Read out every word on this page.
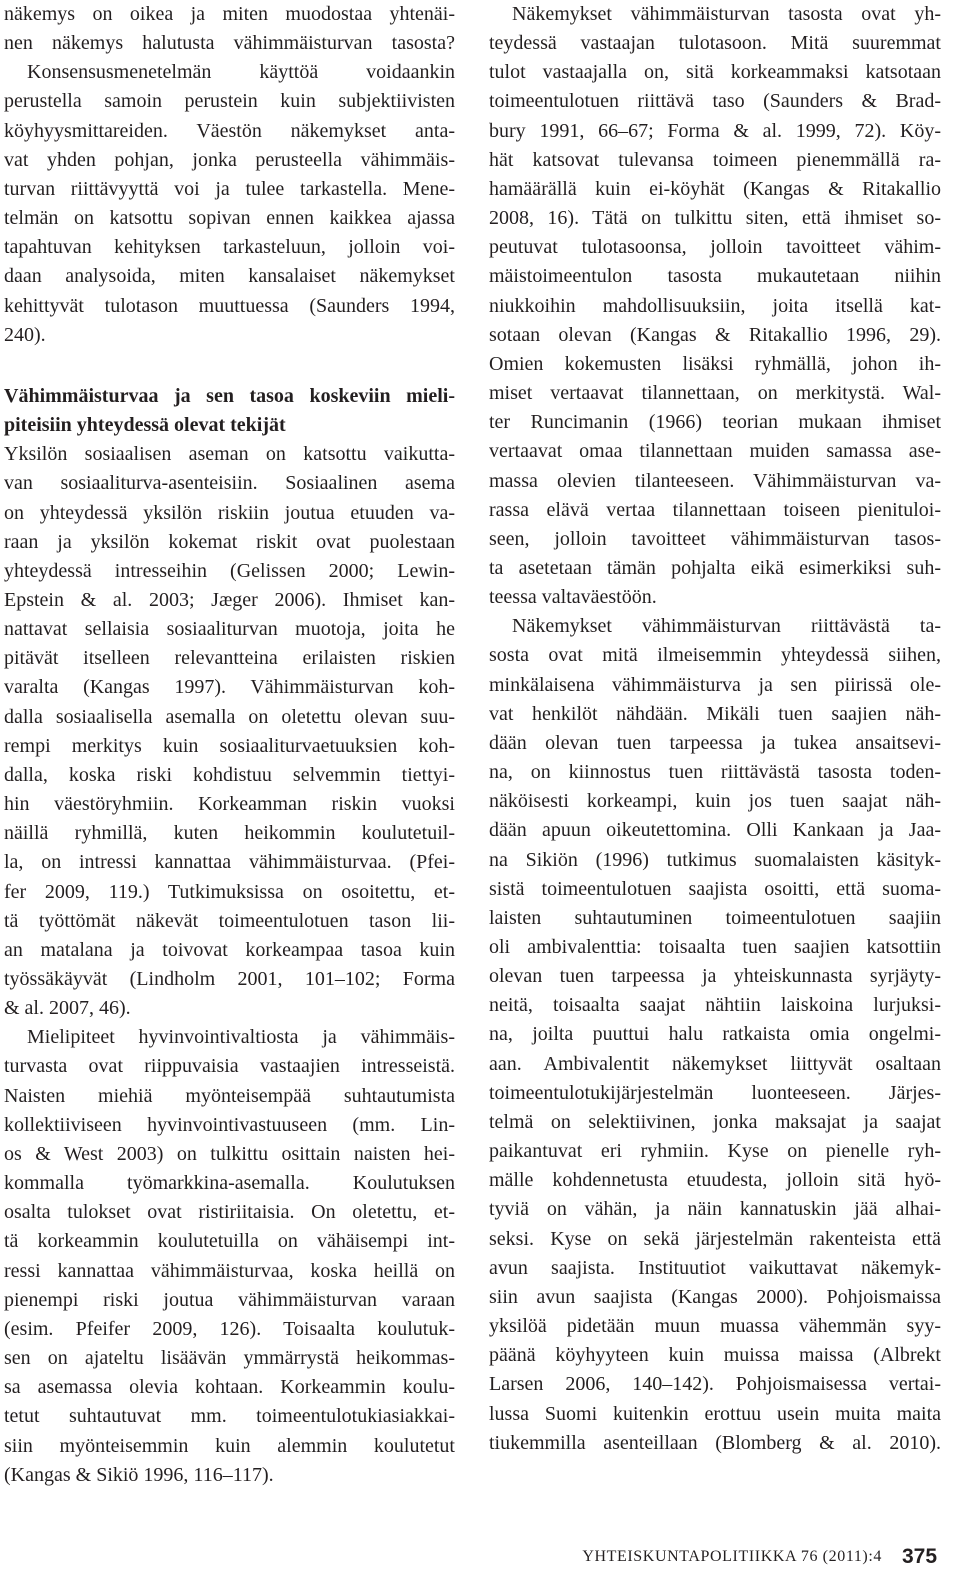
näkemys on oikea ja miten muodostaa yhtenäi-
nen näkemys halutusta vähimmäisturvan tasosta?
Konsensusmenetelmän käyttöä voidaankin
perustella samoin perustein kuin subjektiivisten
köyhyysmittareiden. Väestön näkemykset anta-
vat yhden pohjan, jonka perusteella vähimmäis-
turvan riittävyyttä voi ja tulee tarkastella. Mene-
telmän on katsottu sopivan ennen kaikkea ajassa
tapahtuvan kehityksen tarkasteluun, jolloin voi-
daan analysoida, miten kansalaiset näkemykset
kehittyvät tulotason muuttuessa (Saunders 1994,
240).
Vähimmäisturvaa ja sen tasoa koskeviin mieli-
piteisiin yhteydessä olevat tekijät
Yksilön sosiaalisen aseman on katsottu vaikutta-
van sosiaaliturva-asenteisiin. Sosiaalinen asema
on yhteydessä yksilön riskiin joutua etuuden va-
raan ja yksilön kokemat riskit ovat puolestaan
yhteydessä intresseihin (Gelissen 2000; Lewin-
Epstein & al. 2003; Jæger 2006). Ihmiset kan-
nattavat sellaisia sosiaaliturvan muotoja, joita he
pitävät itselleen relevantteina erilaisten riskien
varalta (Kangas 1997). Vähimmäisturvan koh-
dalla sosiaalisella asemalla on oletettu olevan suu-
rempi merkitys kuin sosiaaliturvaetuuksien koh-
dalla, koska riski kohdistuu selvemmin tiettyi-
hin väestöryhmiin. Korkeamman riskin vuoksi
näillä ryhmillä, kuten heikommin koulutetuil-
la, on intressi kannattaa vähimmäisturvaa. (Pfei-
fer 2009, 119.) Tutkimuksissa on osoitettu, et-
tä työttömät näkevät toimeentulotuen tason lii-
an matalana ja toivovat korkeampaa tasoa kuin
työssäkäyvät (Lindholm 2001, 101–102; Forma
& al. 2007, 46).
Mielipiteet hyvinvointivaltiosta ja vähimmäis-
turvasta ovat riippuvaisia vastaajien intresseistä.
Naisten miehiä myönteisempää suhtautumista
kollektiiviseen hyvinvointivastuuseen (mm. Lin-
os & West 2003) on tulkittu osittain naisten hei-
kommalla työmarkkina-asemalla. Koulutuksen
osalta tulokset ovat ristiriitaisia. On oletettu, et-
tä korkeammin koulutetuilla on vähäisempi int-
ressi kannattaa vähimmäisturvaa, koska heillä on
pienempi riski joutua vähimmäisturvan varaan
(esim. Pfeifer 2009, 126). Toisaalta koulutuk-
sen on ajateltu lisäävän ymmärrystä heikommas-
sa asemassa olevia kohtaan. Korkeammin koulu-
tetut suhtautuvat mm. toimeentulotukiasiakkai-
siin myönteisemmin kuin alemmin koulutetut
(Kangas & Sikiö 1996, 116–117).
Näkemykset vähimmäisturvan tasosta ovat yh-
teydessä vastaajan tulotasoon. Mitä suuremmat
tulot vastaajalla on, sitä korkeammaksi katsotaan
toimeentulotuen riittävä taso (Saunders & Brad-
bury 1991, 66–67; Forma & al. 1999, 72). Köy-
hät katsovat tulevansa toimeen pienemmällä ra-
hamäärällä kuin ei-köyhät (Kangas & Ritakallio
2008, 16). Tätä on tulkittu siten, että ihmiset so-
peutuvat tulotasoonsa, jolloin tavoitteet vähim-
mäistoimeentulon tasosta mukautetaan niihin
niukkoihin mahdollisuuksiin, joita itsellä kat-
sotaan olevan (Kangas & Ritakallio 1996, 29).
Omien kokemusten lisäksi ryhmällä, johon ih-
miset vertaavat tilannettaan, on merkitystä. Wal-
ter Runcimanin (1966) teorian mukaan ihmiset
vertaavat omaa tilannettaan muiden samassa ase-
massa olevien tilanteeseen. Vähimmäisturvan va-
rassa elävä vertaa tilannettaan toiseen pienituloi-
seen, jolloin tavoitteet vähimmäisturvan tasos-
ta asetetaan tämän pohjalta eikä esimerkiksi suh-
teessa valtaväestöön.
Näkemykset vähimmäisturvan riittävästä ta-
sosta ovat mitä ilmeisemmin yhteydessä siihen,
minkälaisena vähimmäisturva ja sen piirissä ole-
vat henkilöt nähdään. Mikäli tuen saajien näh-
dään olevan tuen tarpeessa ja tukea ansaitsevi-
na, on kiinnostus tuen riittävästä tasosta toden-
näköisesti korkeampi, kuin jos tuen saajat näh-
dään apuun oikeutettomina. Olli Kankaan ja Jaa-
na Sikiön (1996) tutkimus suomalaisten käsityk-
sistä toimeentulotuen saajista osoitti, että suoma-
laisten suhtautuminen toimeentulotuen saajiin
oli ambivalenttia: toisaalta tuen saajien katsottiin
olevan tuen tarpeessa ja yhteiskunnasta syrjäyty-
neitä, toisaalta saajat nähtiin laiskoina lurjuksi-
na, joilta puuttui halu ratkaista omia ongelmi-
aan. Ambivalentit näkemykset liittyvät osaltaan
toimeentulotukijärjestelmän luonteeseen. Järjes-
telmä on selektiivinen, jonka maksajat ja saajat
paikantuvat eri ryhmiin. Kyse on pienelle ryh-
mälle kohdennetusta etuudesta, jolloin sitä hyö-
tyviä on vähän, ja näin kannatuskin jää alhai-
seksi. Kyse on sekä järjestelmän rakenteista että
avun saajista. Instituutiot vaikuttavat näkemyk-
siin avun saajista (Kangas 2000). Pohjoismaissa
yksilöä pidetään muun muassa vähemmän syy-
päänä köyhyyteen kuin muissa maissa (Albrekt
Larsen 2006, 140–142). Pohjoismaisessa vertai-
lussa Suomi kuitenkin erottuu usein muita maita
tiukemmilla asenteillaan (Blomberg & al. 2010).
YHTEISKUNTAPOLITIIKKA 76 (2011):4 375
